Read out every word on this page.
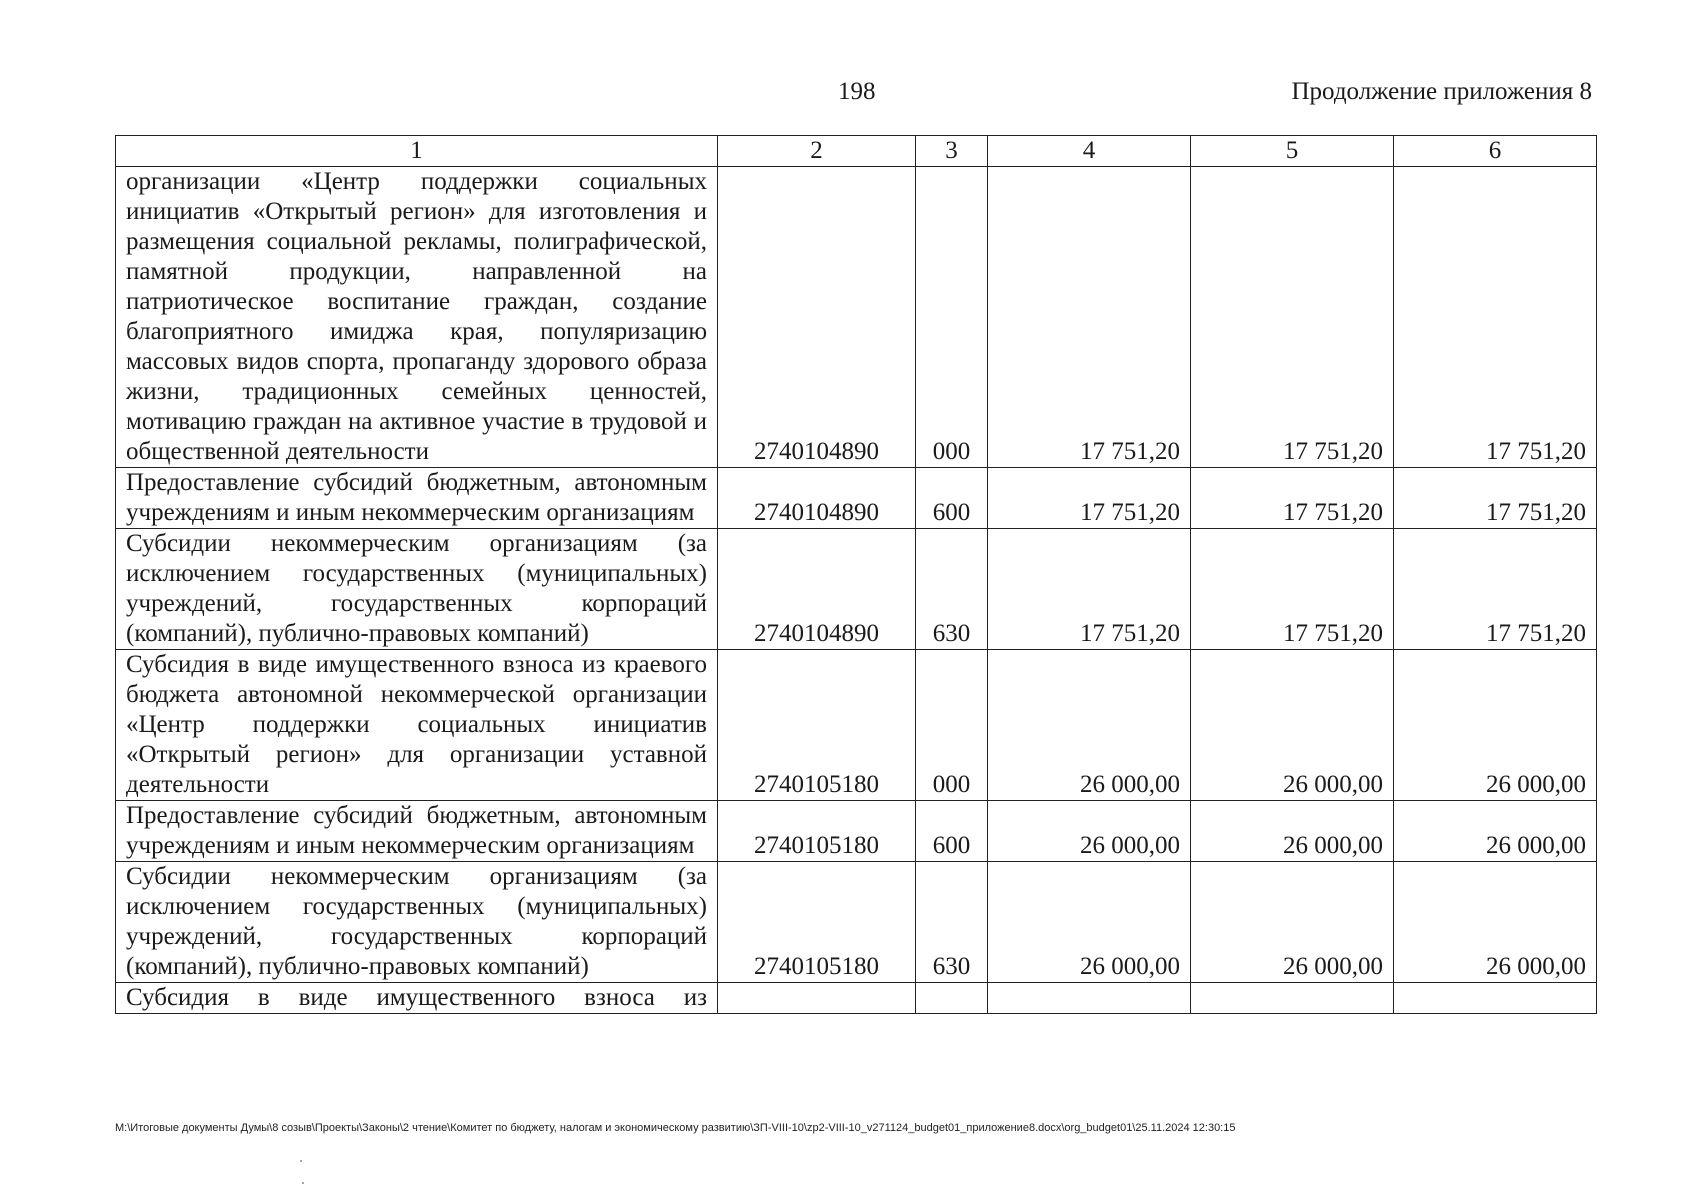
198	Продолжение приложения 8
1	2	3	4	5	6
организации «Центр поддержки социальных инициатив «Открытый регион» для изготовления и размещения социальной рекламы, полиграфической, памятной продукции, направленной на патриотическое воспитание граждан, создание благоприятного имиджа края, популяризацию массовых видов спорта, пропаганду здорового образа жизни, традиционных семейных ценностей, мотивацию граждан на активное участие в трудовой и общественной деятельности	2740104890	000	17 751,20	17 751,20	17 751,20
Предоставление субсидий бюджетным, автономным учреждениям и иным некоммерческим организациям	2740104890	600	17 751,20	17 751,20	17 751,20
Субсидии некоммерческим организациям (за исключением государственных (муниципальных) учреждений, государственных корпораций (компаний), публично-правовых компаний)	2740104890	630	17 751,20	17 751,20	17 751,20
Субсидия в виде имущественного взноса из краевого бюджета автономной некоммерческой организации «Центр поддержки социальных инициатив «Открытый регион» для организации уставной деятельности	2740105180	000	26 000,00	26 000,00	26 000,00
Предоставление субсидий бюджетным, автономным учреждениям и иным некоммерческим организациям	2740105180	600	26 000,00	26 000,00	26 000,00
Субсидии некоммерческим организациям (за исключением государственных (муниципальных) учреждений, государственных корпораций (компаний), публично-правовых компаний)	2740105180	630	26 000,00	26 000,00	26 000,00
Субсидия в виде имущественного взноса из					
M:\Итоговые документы Думы\8 созыв\Проекты\Законы\2 чтение\Комитет по бюджету, налогам и экономическому развитию\ЗП-VIII-10\zp2-VIII-10_v271124_budget01_приложение8.docx\org_budget01\25.11.2024 12:30:15
